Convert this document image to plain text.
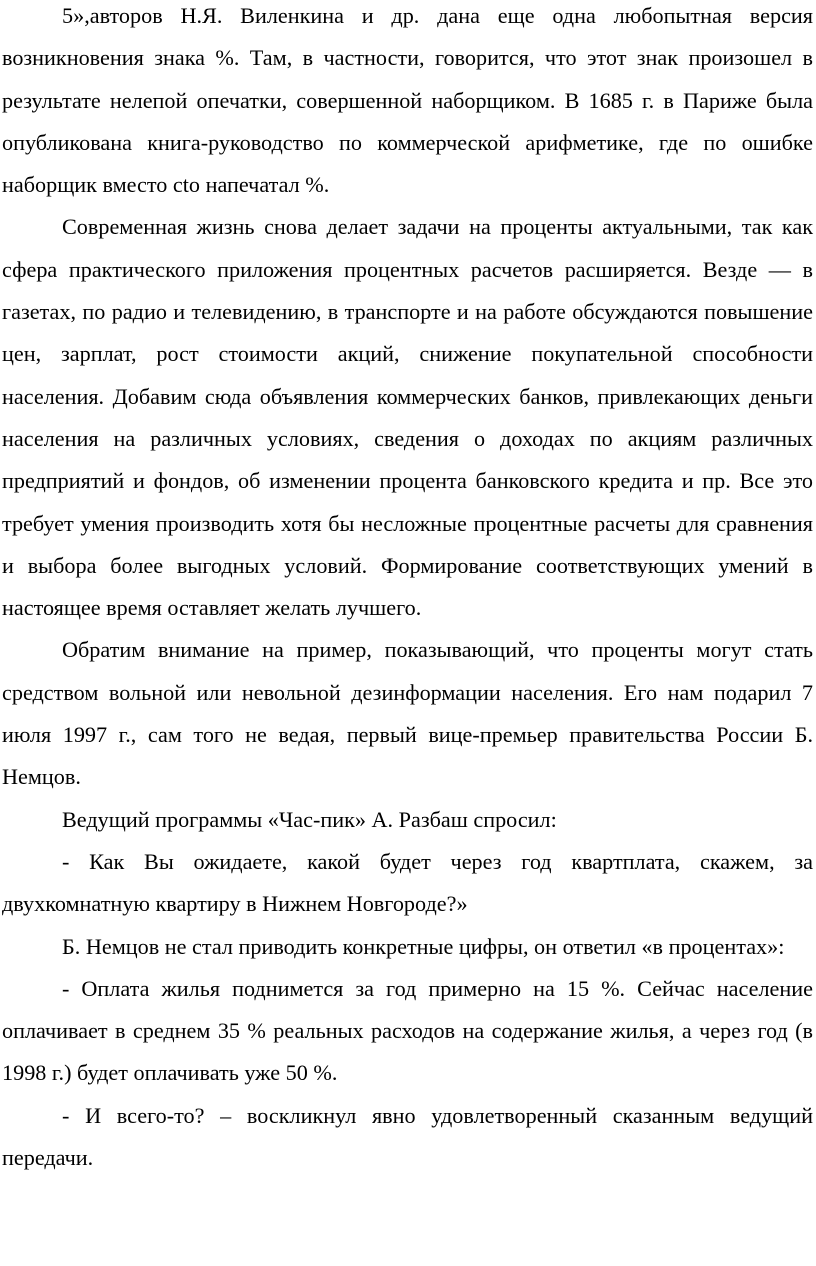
5»,авторов Н.Я. Виленкина и др. дана еще одна любопытная версия возникновения знака %. Там, в частности, говорится, что этот знак произошел в результате нелепой опечатки, совершенной наборщиком. В 1685 г. в Париже была опубликована книга-руководство по коммерческой арифметике, где по ошибке наборщик вместо cto напечатал %.

Современная жизнь снова делает задачи на проценты актуальными, так как сфера практического приложения процентных расчетов расширяется. Везде — в газетах, по радио и телевидению, в транспорте и на работе обсуждаются повышение цен, зарплат, рост стоимости акций, снижение покупательной способности населения. Добавим сюда объявления коммерческих банков, привлекающих деньги населения на различных условиях, сведения о доходах по акциям различных предприятий и фондов, об изменении процента банковского кредита и пр. Все это требует умения производить хотя бы несложные процентные расчеты для сравнения и выбора более выгодных условий. Формирование соответствующих умений в настоящее время оставляет желать лучшего.

Обратим внимание на пример, показывающий, что проценты могут стать средством вольной или невольной дезинформации населения. Его нам подарил 7 июля 1997 г., сам того не ведая, первый вице-премьер правительства России Б. Немцов.

Ведущий программы «Час-пик» А. Разбаш спросил:

- Как Вы ожидаете, какой будет через год квартплата, скажем, за двухкомнатную квартиру в Нижнем Новгороде?»

Б. Немцов не стал приводить конкретные цифры, он ответил «в процентах»:

- Оплата жилья поднимется за год примерно на 15 %. Сейчас население оплачивает в среднем 35 % реальных расходов на содержание жилья, а через год (в 1998 г.) будет оплачивать уже 50 %.

- И всего-то? – воскликнул явно удовлетворенный сказанным ведущий передачи.
